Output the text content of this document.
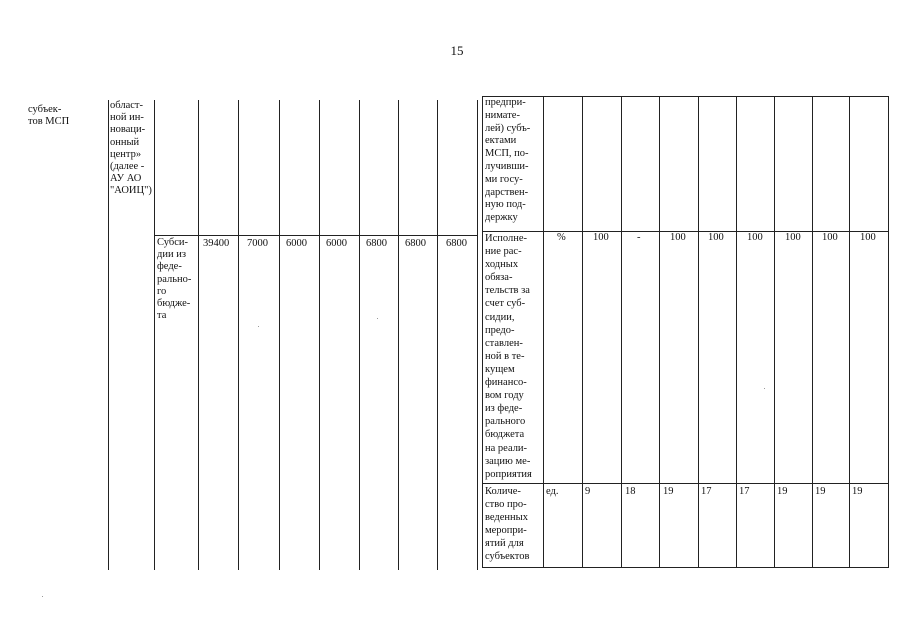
15
субъек-
тов МСП
област-
ной ин-
новаци-
онный
центр»
(далее -
АУ АО
"АОИЦ")
Субси-
дии из
феде-
рально-
го
бюдже-
та
39400 7000 6000 6000 6800 6800 6800
предпри-
нимате-
лей) субъ-
ектами
МСП, по-
лучивши-
ми госу-
дарствен-
ную под-
держку
Исполне-
ние рас-
ходных
обяза-
тельств за
счет суб-
сидии,
предо-
ставлен-
ной в те-
кущем
финансо-
вом году
из феде-
рального
бюджета
на реали-
зацию ме-
роприятия
%	100	-	100 100 100 100 100 100
Количе-
ство про-
веденных
меропри-
ятий для
субъектов
ед.	9	18	19	17	17	19	19	19
